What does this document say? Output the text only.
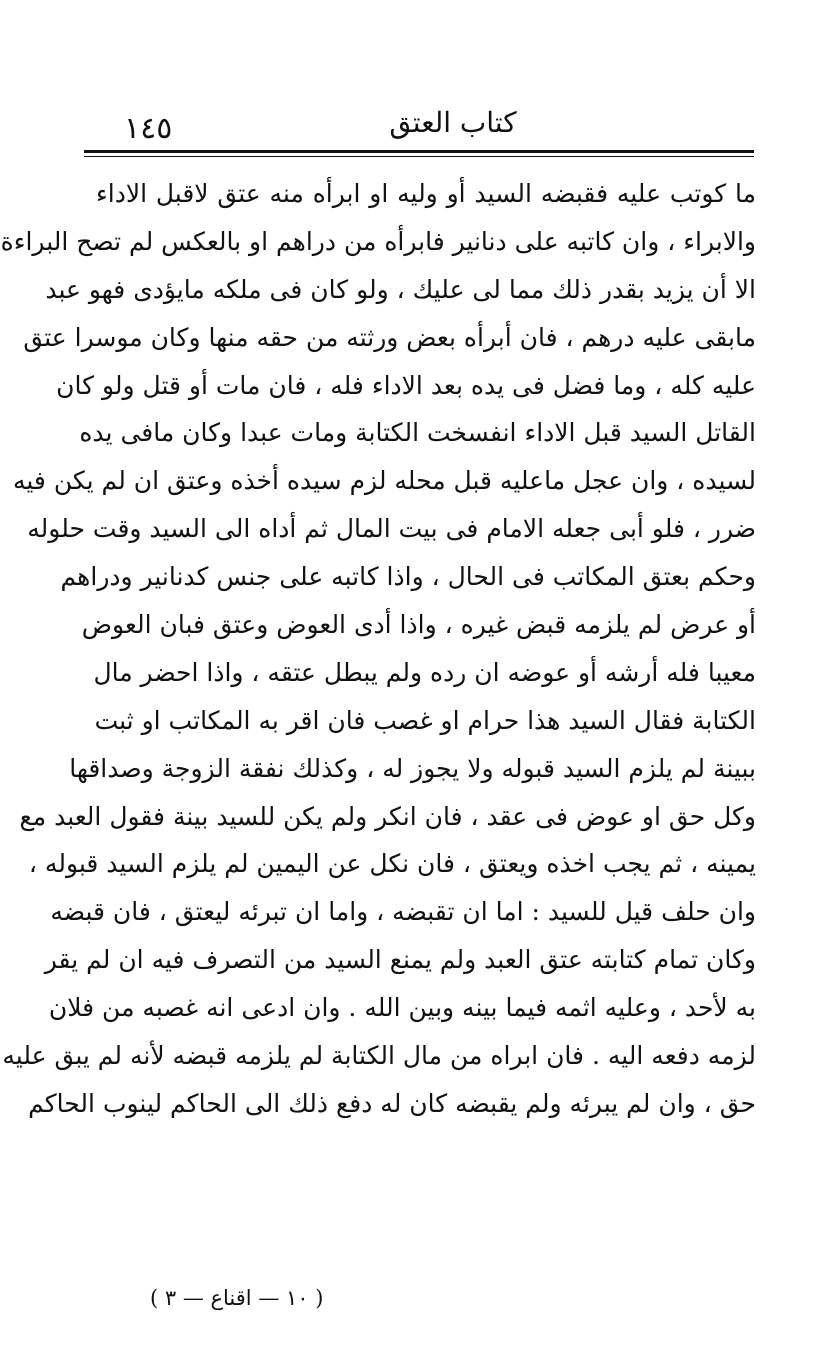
١٤٥	كتاب العتق
ما كوتب عليه فقبضه السيد أو وليه او ابرأه منه عتق لاقبل الاداء
والابراء ، وان كاتبه على دنانير فابرأه من دراهم او بالعكس لم تصح البراءة
الا أن يزيد بقدر ذلك مما لى عليك ، ولو كان فى ملكه مايؤدى فهو عبد
مابقى عليه درهم ، فان أبرأه بعض ورثته من حقه منها وكان موسرا عتق
عليه كله ، وما فضل فى يده بعد الاداء فله ، فان مات أو قتل ولو كان
القاتل السيد قبل الاداء انفسخت الكتابة ومات عبدا وكان مافى يده
لسيده ، وان عجل ماعليه قبل محله لزم سيده أخذه وعتق ان لم يكن فيه
ضرر ، فلو أبى جعله الامام فى بيت المال ثم أداه الى السيد وقت حلوله
وحكم بعتق المكاتب فى الحال ، واذا كاتبه على جنس كدنانير ودراهم
أو عرض لم يلزمه قبض غيره ، واذا أدى العوض وعتق فبان العوض
معيبا فله أرشه أو عوضه ان رده ولم يبطل عتقه ، واذا احضر مال
الكتابة فقال السيد هذا حرام او غصب فان اقر به المكاتب او ثبت
ببينة لم يلزم السيد قبوله ولا يجوز له ، وكذلك نفقة الزوجة وصداقها
وكل حق او عوض فى عقد ، فان انكر ولم يكن للسيد بينة فقول العبد مع
يمينه ، ثم يجب اخذه ويعتق ، فان نكل عن اليمين لم يلزم السيد قبوله ،
وان حلف قيل للسيد : اما ان تقبضه ، واما ان تبرئه ليعتق ، فان قبضه
وكان تمام كتابته عتق العبد ولم يمنع السيد من التصرف فيه ان لم يقر
به لأحد ، وعليه اثمه فيما بينه وبين الله . وان ادعى انه غصبه من فلان
لزمه دفعه اليه . فان ابراه من مال الكتابة لم يلزمه قبضه لأنه لم يبق عليه
حق ، وان لم يبرئه ولم يقبضه كان له دفع ذلك الى الحاكم لينوب الحاكم
( ١٠ — اقناع — ٣ )
